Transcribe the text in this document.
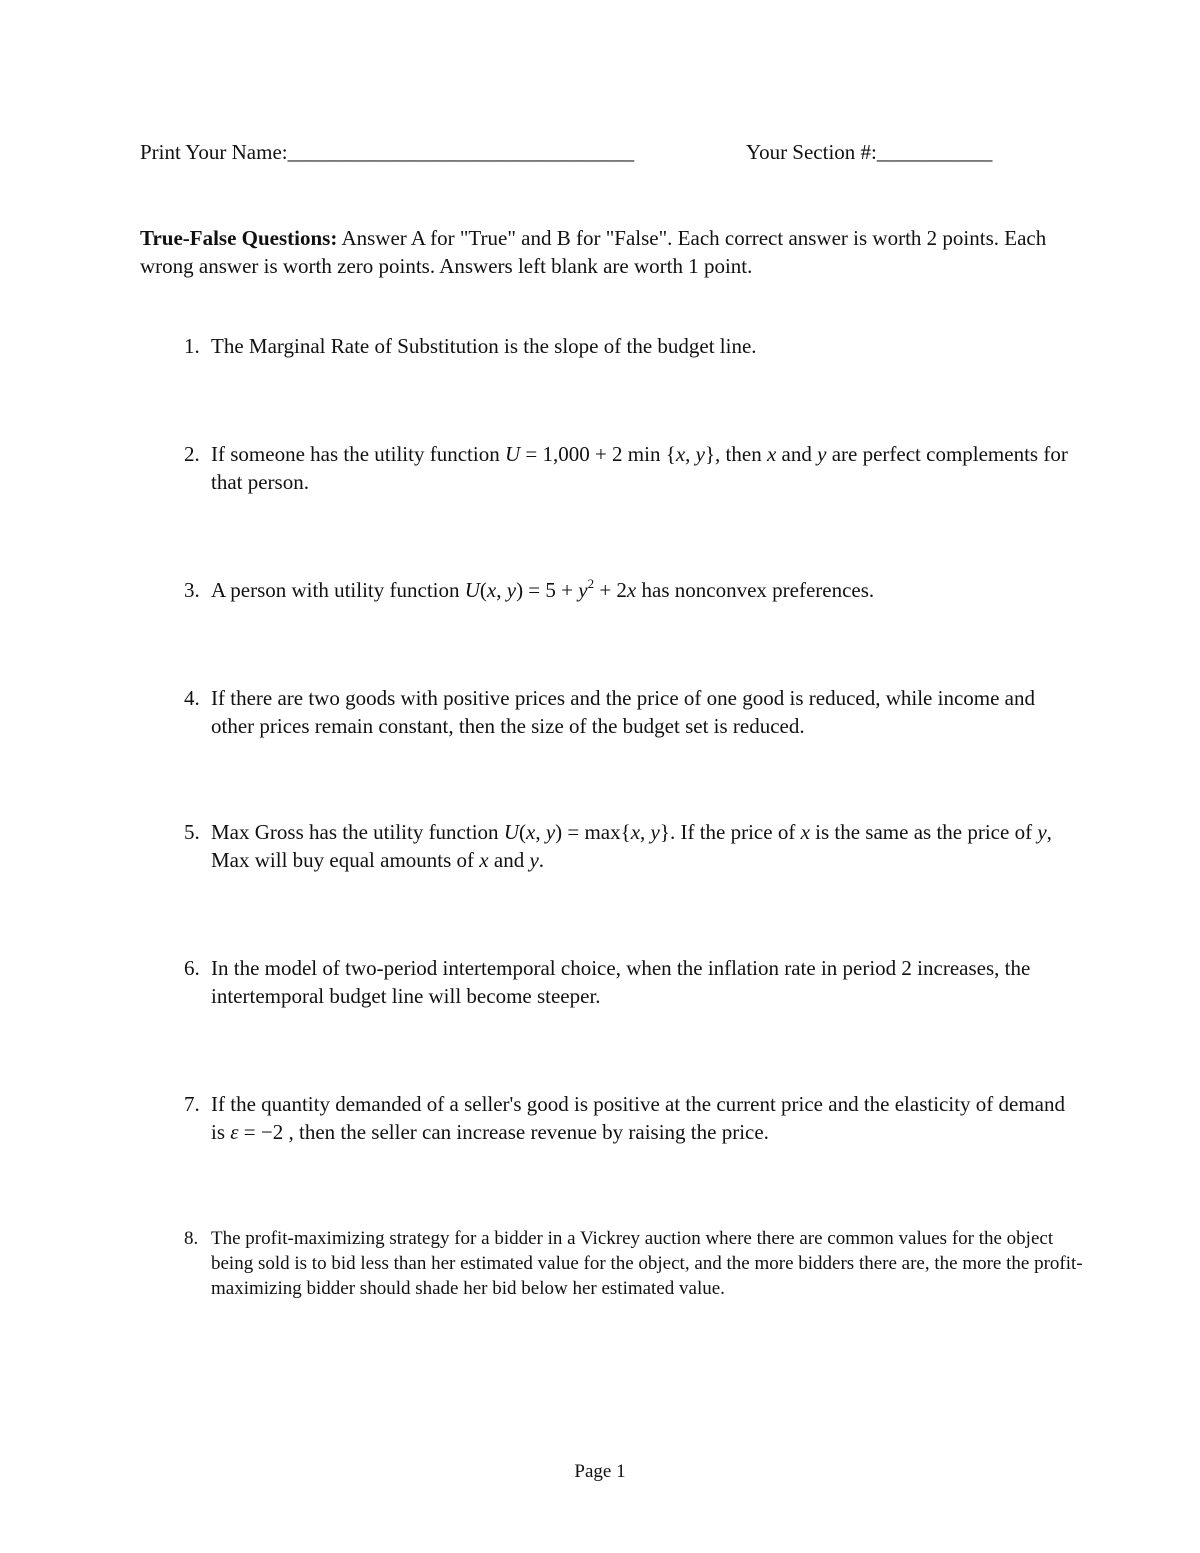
Print Your Name:_________________________________	Your Section #:___________
True-False Questions: Answer A for "True" and B for "False". Each correct answer is worth 2 points. Each wrong answer is worth zero points. Answers left blank are worth 1 point.
1. The Marginal Rate of Substitution is the slope of the budget line.
2. If someone has the utility function U = 1,000 + 2 min {x, y}, then x and y are perfect complements for that person.
3. A person with utility function U(x, $y) = 5 + y^2 + 2x$ has nonconvex preferences.
4. If there are two goods with positive prices and the price of one good is reduced, while income and other prices remain constant, then the size of the budget set is reduced.
5. Max Gross has the utility function U(x, y) = max{x, y}. If the price of x is the same as the price of y, Max will buy equal amounts of x and y.
6. In the model of two-period intertemporal choice, when the inflation rate in period 2 increases, the intertemporal budget line will become steeper.
7. If the quantity demanded of a seller's good is positive at the current price and the elasticity of demand is ε = −2 , then the seller can increase revenue by raising the price.
8. The profit-maximizing strategy for a bidder in a Vickrey auction where there are common values for the object being sold is to bid less than her estimated value for the object, and the more bidders there are, the more the profit-maximizing bidder should shade her bid below her estimated value.
Page 1
